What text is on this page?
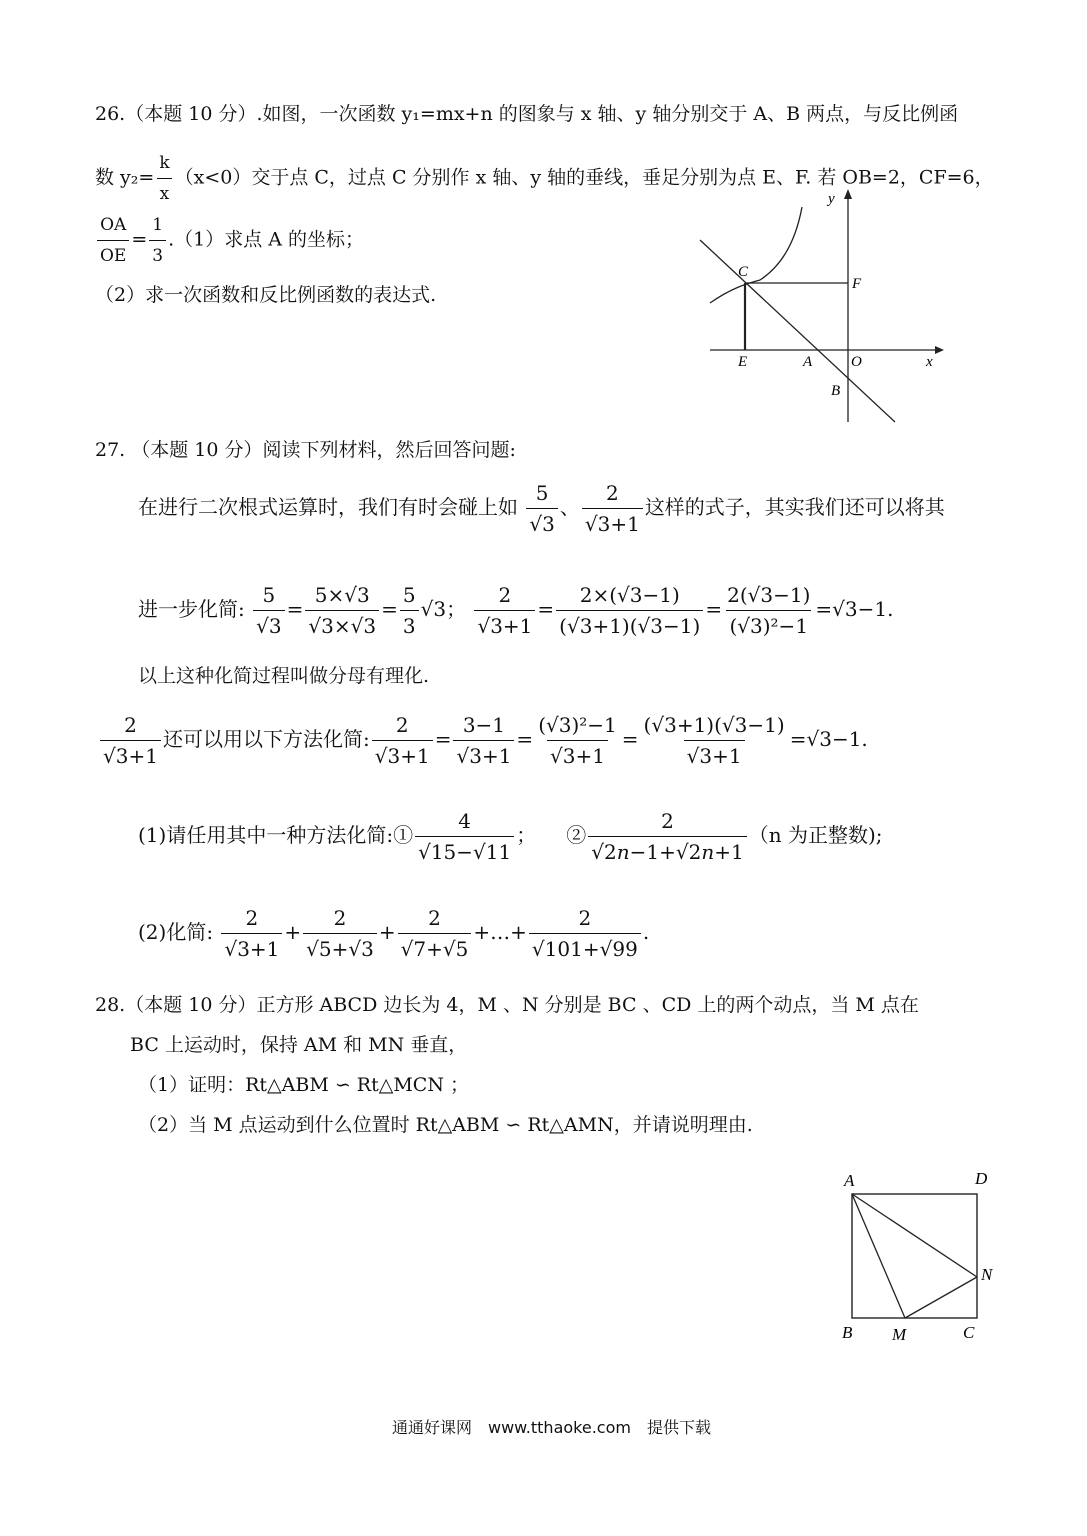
26.（本题 10 分）.如图，一次函数 y₁=mx+n 的图象与 x 轴、y 轴分别交于 A、B 两点，与反比例函
数 $y_2= \frac{k}{x} (x<0)$交于点 C，过点 C 分别作 x 轴、y 轴的垂线，垂足分别为点 E、F. 若 OB=2，CF=6，
$\frac{OA}{OE} = \frac{1}{3} .(1)$求点 A 的坐标；
（2）求一次函数和反比例函数的表达式.
y
x
C
F
E	A	O
B
27. （本题 10 分）阅读下列材料，然后回答问题:
在进行二次根式运算时，我们有时会碰上如 $\frac{5}{√3}$ 、 $\frac{2}{√3+1}$ 这样的式子，其实我们还可以将其
进一步化简: $\frac{5}{√3} = \frac{5\times√3}{√3\times√3} = \frac{5}{3} √3$； $\frac{2}{√3+1} = \frac{2\times(√3-1)}{(√3+1)(√3-1)} = \frac{2(√3-1)}{\text{(√3)²−1}} =√3-1$.
以上这种化简过程叫做分母有理化.
$\frac{2}{√3+1}$ 还可以用以下方法化简: $\frac{2}{√3+1} = \frac{3-1}{√3+1} = \frac{\text{(√3)²−1}}{√3+1} = \frac{(√3+1)(√3-1)}{√3+1} =√3-1$.
(1)请任用其中一种方法化简:① $\frac{4}{√15-√11}$ ；　　② $\frac{2}{√2n-1+√2n+1} (n$ 为正整数);
(2)化简: $\frac{2}{√3+1} + \frac{2}{√5+√3} + \frac{2}{√7+√5}$ +…+ $\frac{2}{√101+√99}$ .
28.（本题 10 分）正方形 ABCD 边长为 4，M 、N 分别是 BC 、CD 上的两个动点，当 M 点在
BC 上运动时，保持 AM 和 MN 垂直，
（1）证明：Rt△ABM ∽ Rt△MCN ；
（2）当 M 点运动到什么位置时 Rt△ABM ∽ Rt△AMN，并请说明理由.
A	D
N
B M	C
通通好课网　www.tthaoke.com　提供下载
